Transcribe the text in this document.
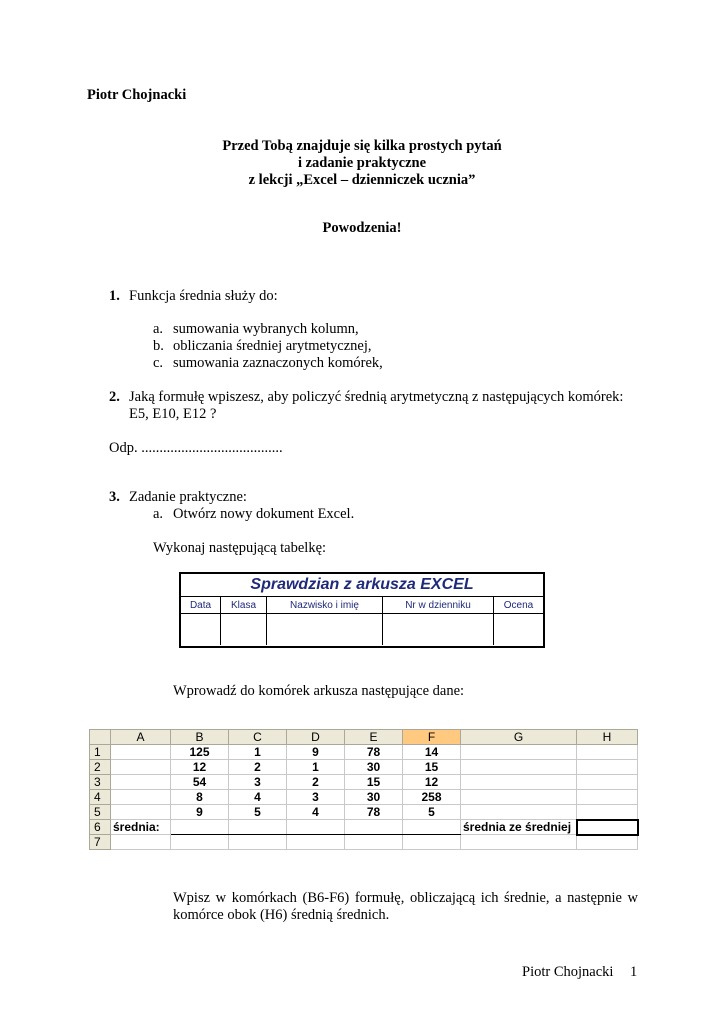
Piotr Chojnacki
Przed Tobą znajduje się kilka prostych pytań
i zadanie praktyczne
z lekcji „Excel – dzienniczek ucznia”
Powodzenia!
1. Funkcja średnia służy do:
a. sumowania wybranych kolumn,
b. obliczania średniej arytmetycznej,
c. sumowania zaznaczonych komórek,
2. Jaką formułę wpiszesz, aby policzyć średnią arytmetyczną z następujących komórek:
E5, E10, E12 ?
Odp. .......................................
3. Zadanie praktyczne:
a. Otwórz nowy dokument Excel.
Wykonaj następującą tabelkę:
Sprawdzian z arkusza EXCEL
Data	Klasa	Nazwisko i imię	Nr w dzienniku	Ocena
Wprowadź do komórek arkusza następujące dane:
	A	B	C	D	E	F	G	H
1		125	1	9	78	14		
2		12	2	1	30	15		
3		54	3	2	15	12		
4		8	4	3	30	258		
5		9	5	4	78	5		
6	średnia:						średnia ze średniej	
7								
Wpisz w komórkach (B6-F6) formułę, obliczającą ich średnie, a następnie w
komórce obok (H6) średnią średnich.
Piotr Chojnacki 1
